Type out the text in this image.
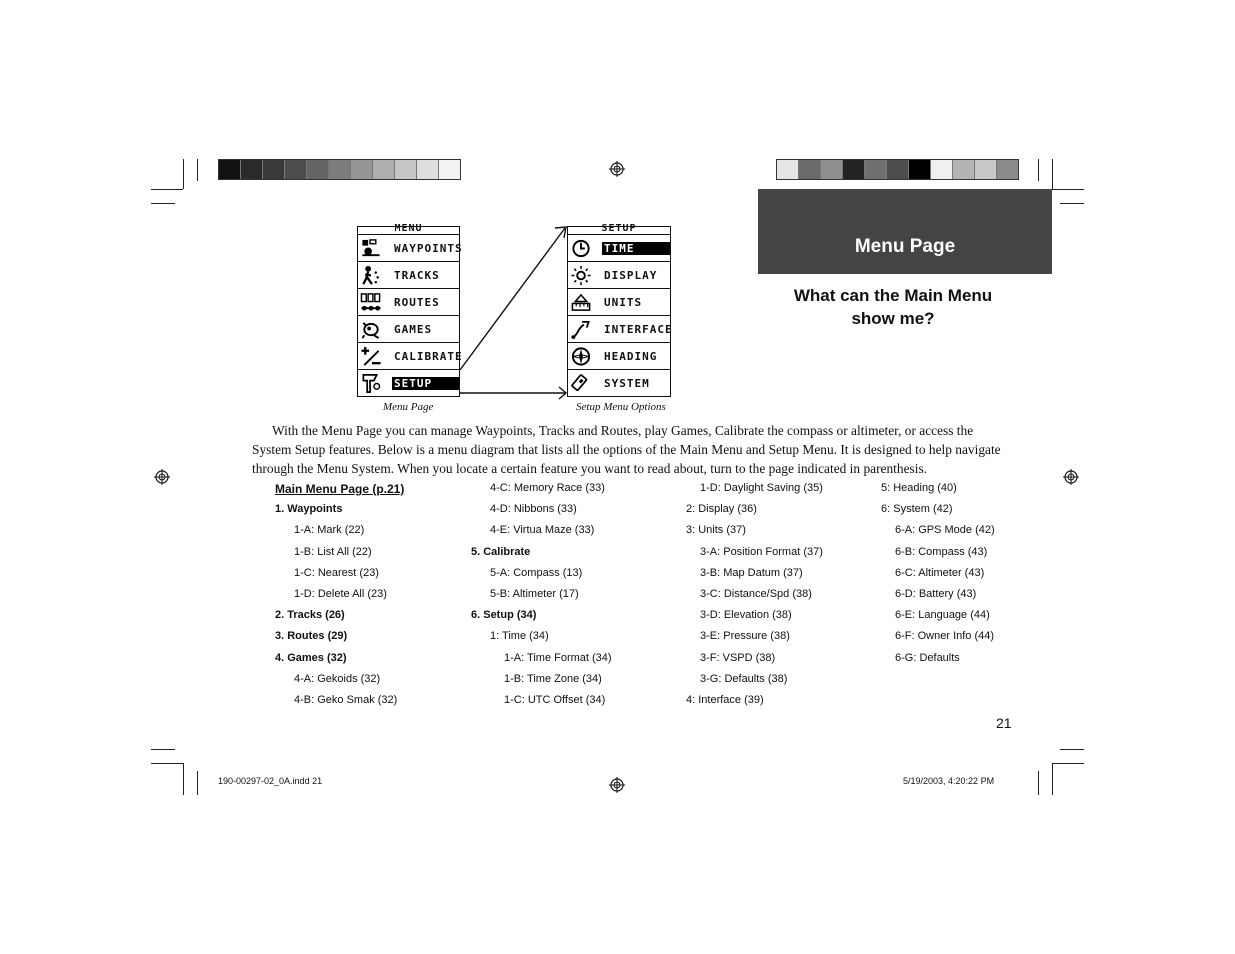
Menu Page
What can the Main Menu show me?
MENU
WAYPOINTS
TRACKS
ROUTES
GAMES
CALIBRATE
SETUP
Menu Page
SETUP
TIME
DISPLAY
UNITS
INTERFACE
HEADING
SYSTEM
Setup Menu Options
With the Menu Page you can manage Waypoints, Tracks and Routes, play Games, Calibrate the compass or altimeter, or access the System Setup features. Below is a menu diagram that lists all the options of the Main Menu and Setup Menu. It is designed to help navigate through the Menu System. When you locate a certain feature you want to read about, turn to the page indicated in parenthesis.
Main Menu Page (p.21)
1. Waypoints
1-A: Mark (22)
1-B: List All (22)
1-C: Nearest (23)
1-D: Delete All (23)
2. Tracks (26)
3. Routes (29)
4. Games (32)
4-A: Gekoids (32)
4-B: Geko Smak (32)
4-C: Memory Race (33)
4-D: Nibbons (33)
4-E: Virtua Maze (33)
5. Calibrate
5-A: Compass (13)
5-B: Altimeter (17)
6. Setup (34)
1: Time (34)
1-A: Time Format (34)
1-B: Time Zone (34)
1-C: UTC Offset (34)
1-D: Daylight Saving (35)
2: Display (36)
3: Units (37)
3-A: Position Format (37)
3-B: Map Datum (37)
3-C: Distance/Spd (38)
3-D: Elevation (38)
3-E: Pressure (38)
3-F: VSPD (38)
3-G: Defaults (38)
4: Interface (39)
5: Heading (40)
6: System (42)
6-A: GPS Mode (42)
6-B: Compass (43)
6-C: Altimeter (43)
6-D: Battery (43)
6-E: Language (44)
6-F: Owner Info (44)
6-G: Defaults
21
190-00297-02_0A.indd 21	5/19/2003, 4:20:22 PM
